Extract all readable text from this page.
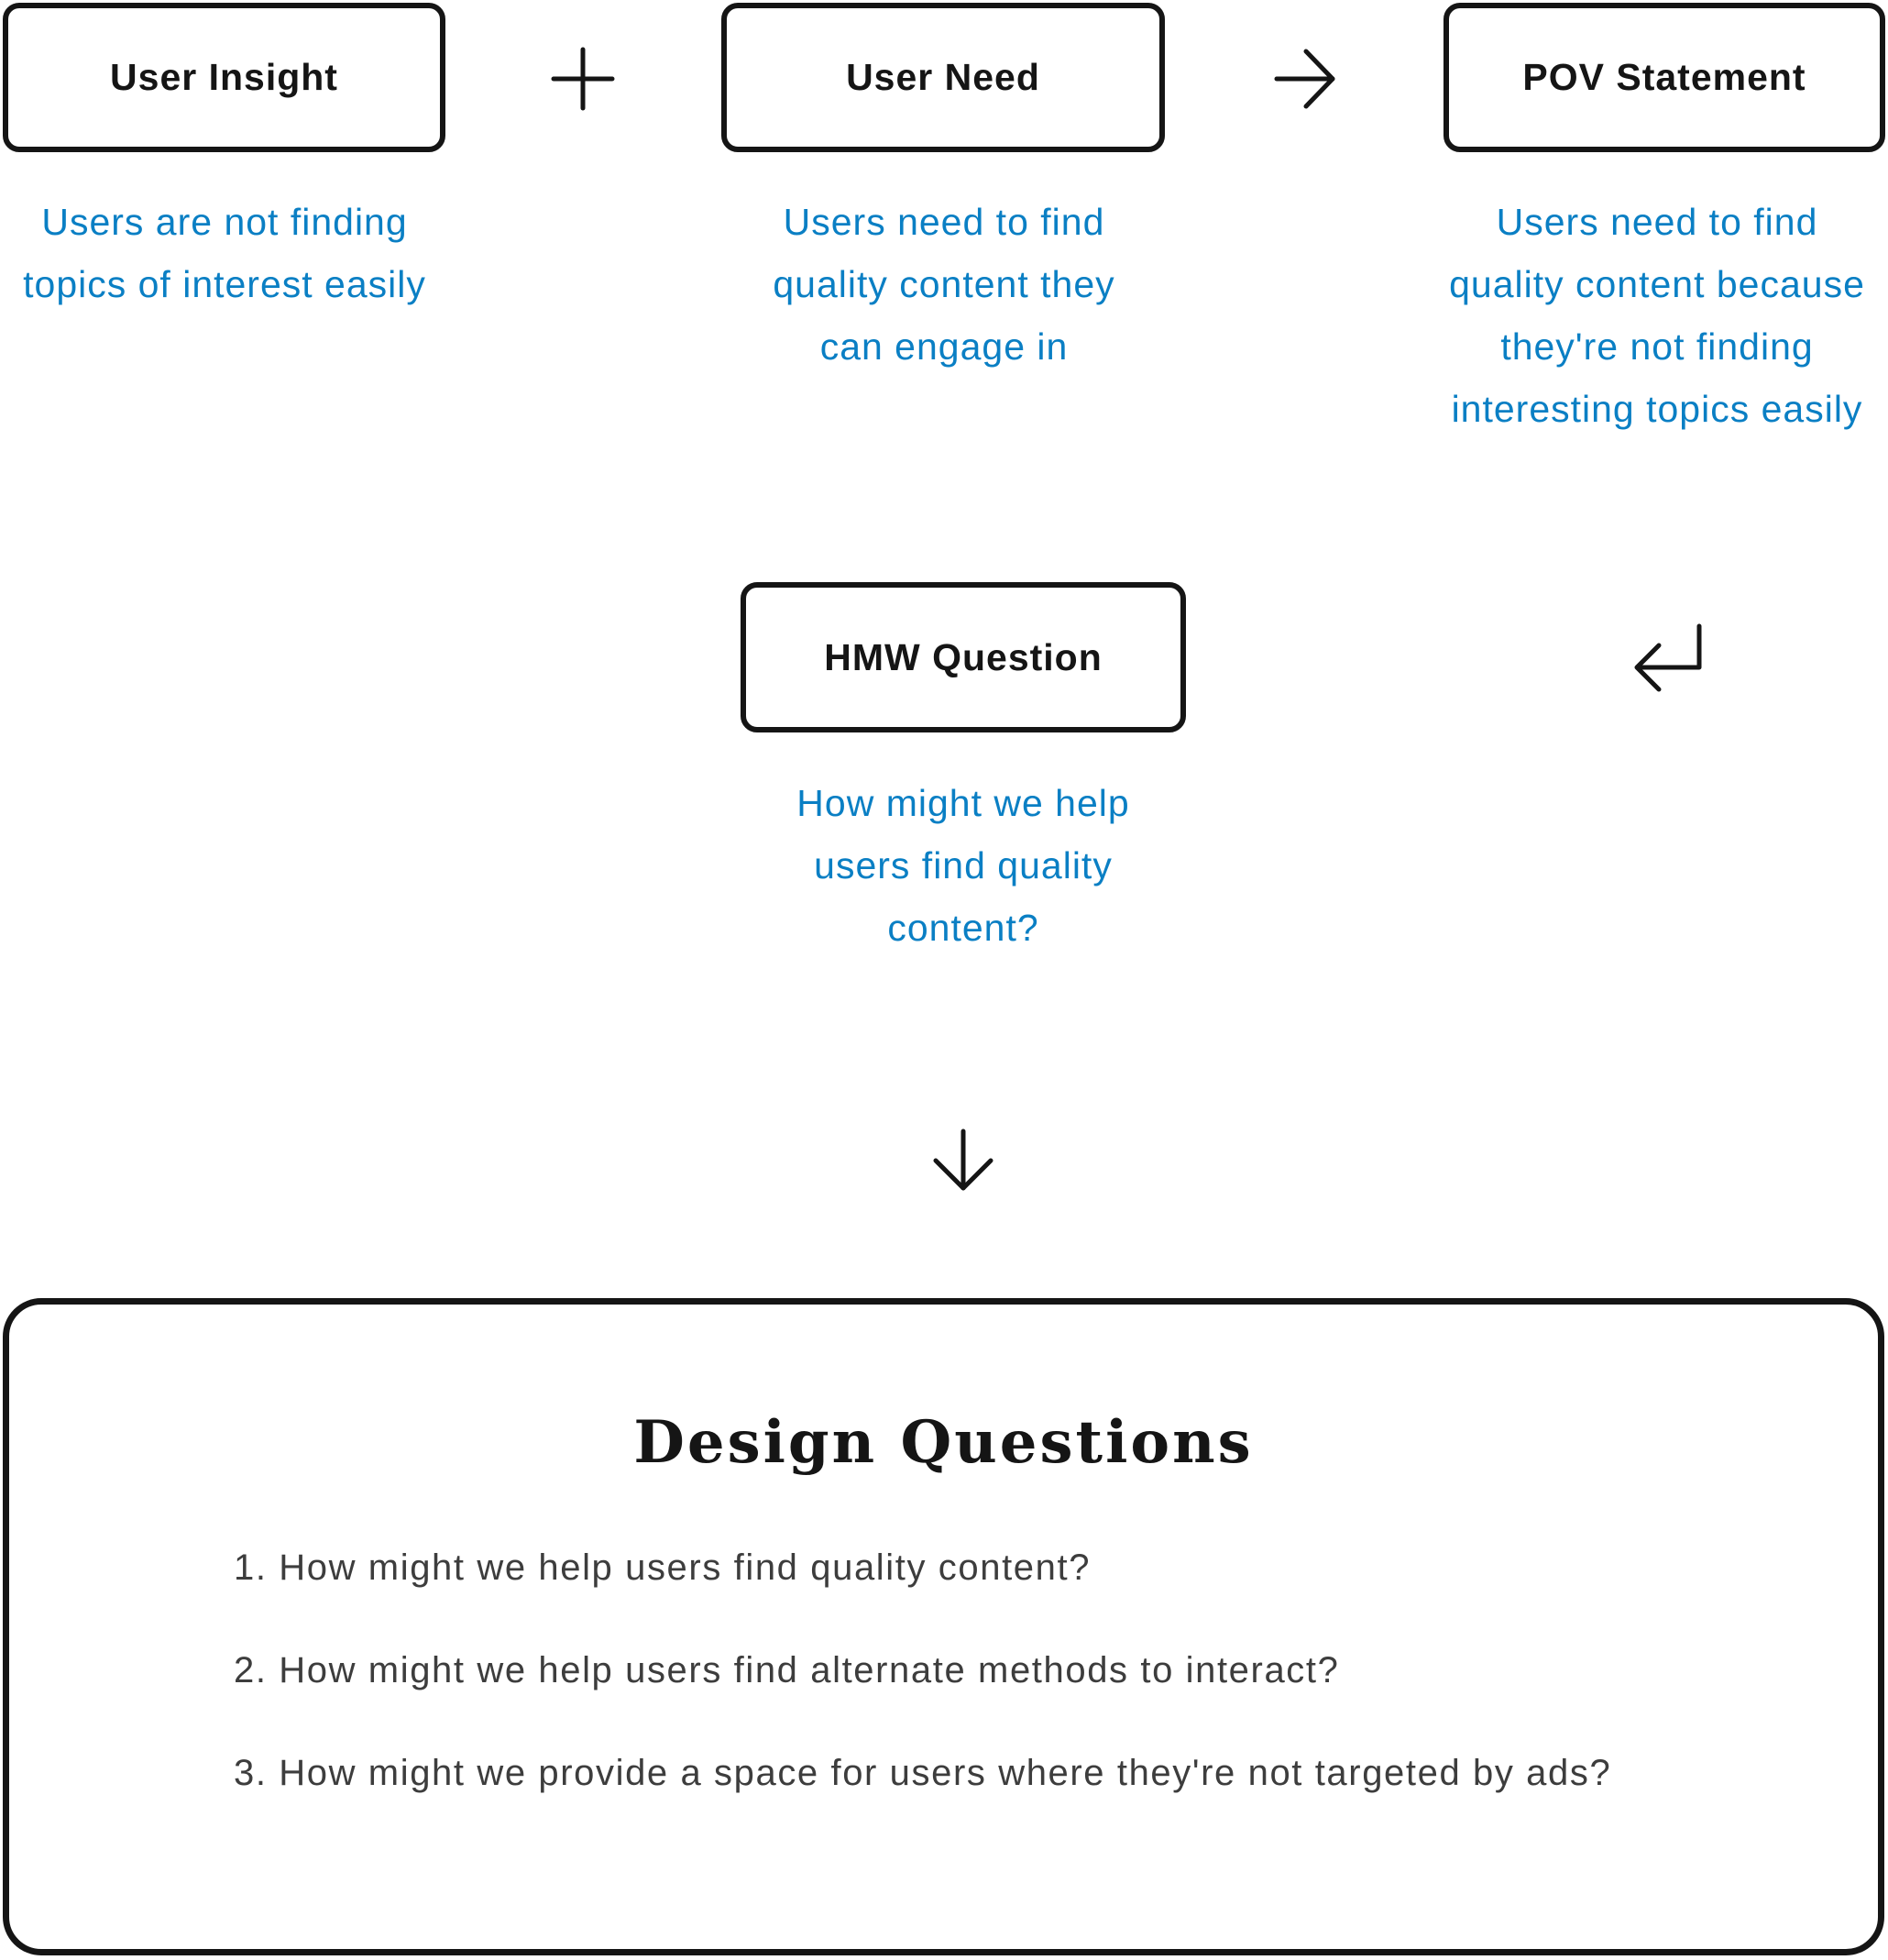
User Insight
Users are not finding
topics of interest easily
User Need
Users need to find
quality content they
can engage in
POV Statement
Users need to find
quality content because
they're not finding
interesting topics easily
HMW Question
How might we help
users find quality
content?
Design Questions
1. How might we help users find quality content?
2. How might we help users find alternate methods to interact?
3. How might we provide a space for users where they're not targeted by ads?
